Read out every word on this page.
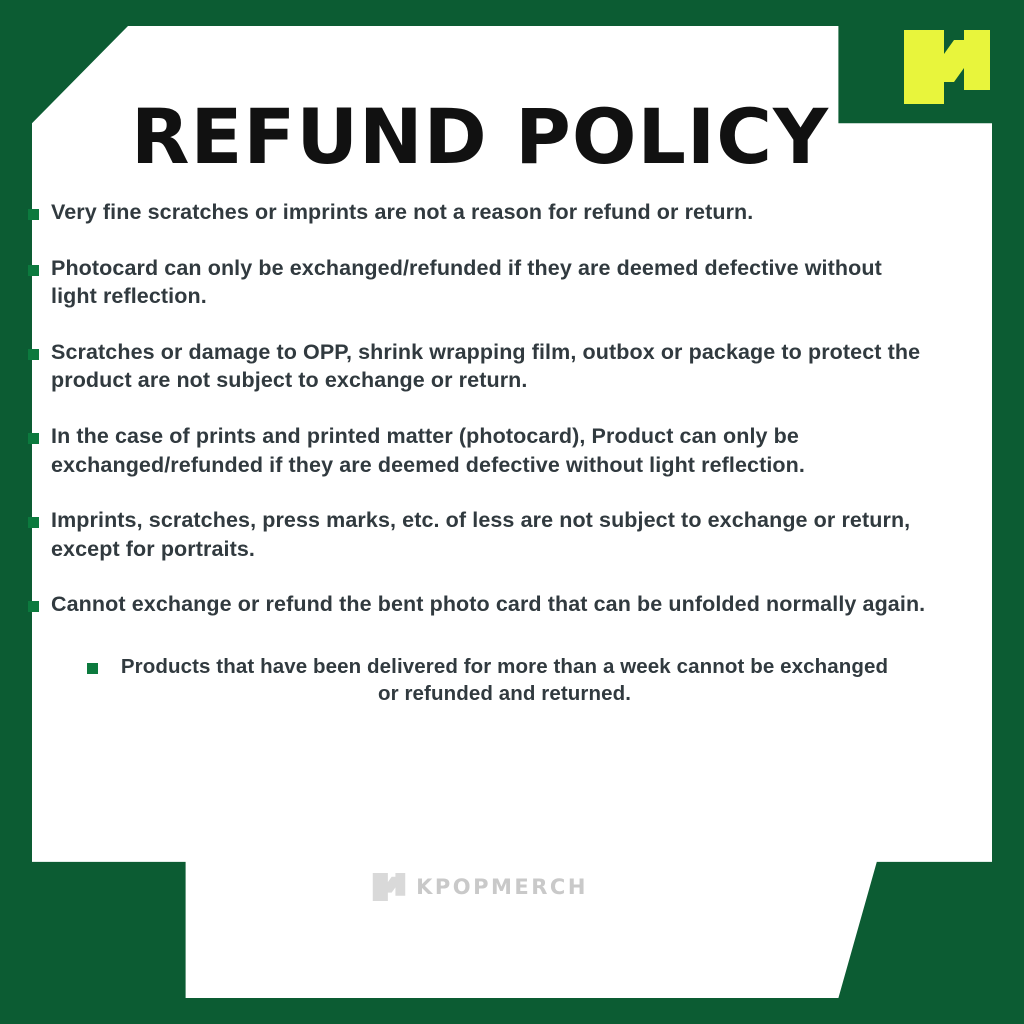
REFUND POLICY
Very fine scratches or imprints are not a reason for refund or return.
Photocard can only be exchanged/refunded if they are deemed defective without light reflection.
Scratches or damage to OPP, shrink wrapping film, outbox or package to protect the product are not subject to exchange or return.
In the case of prints and printed matter (photocard), Product can only be exchanged/refunded if they are deemed defective without light reflection.
Imprints, scratches, press marks, etc. of less are not subject to exchange or return, except for portraits.
Cannot exchange or refund the bent photo card that can be unfolded normally again.
Products that have been delivered for more than a week cannot be exchanged or refunded and returned.
KPOPMERCH
